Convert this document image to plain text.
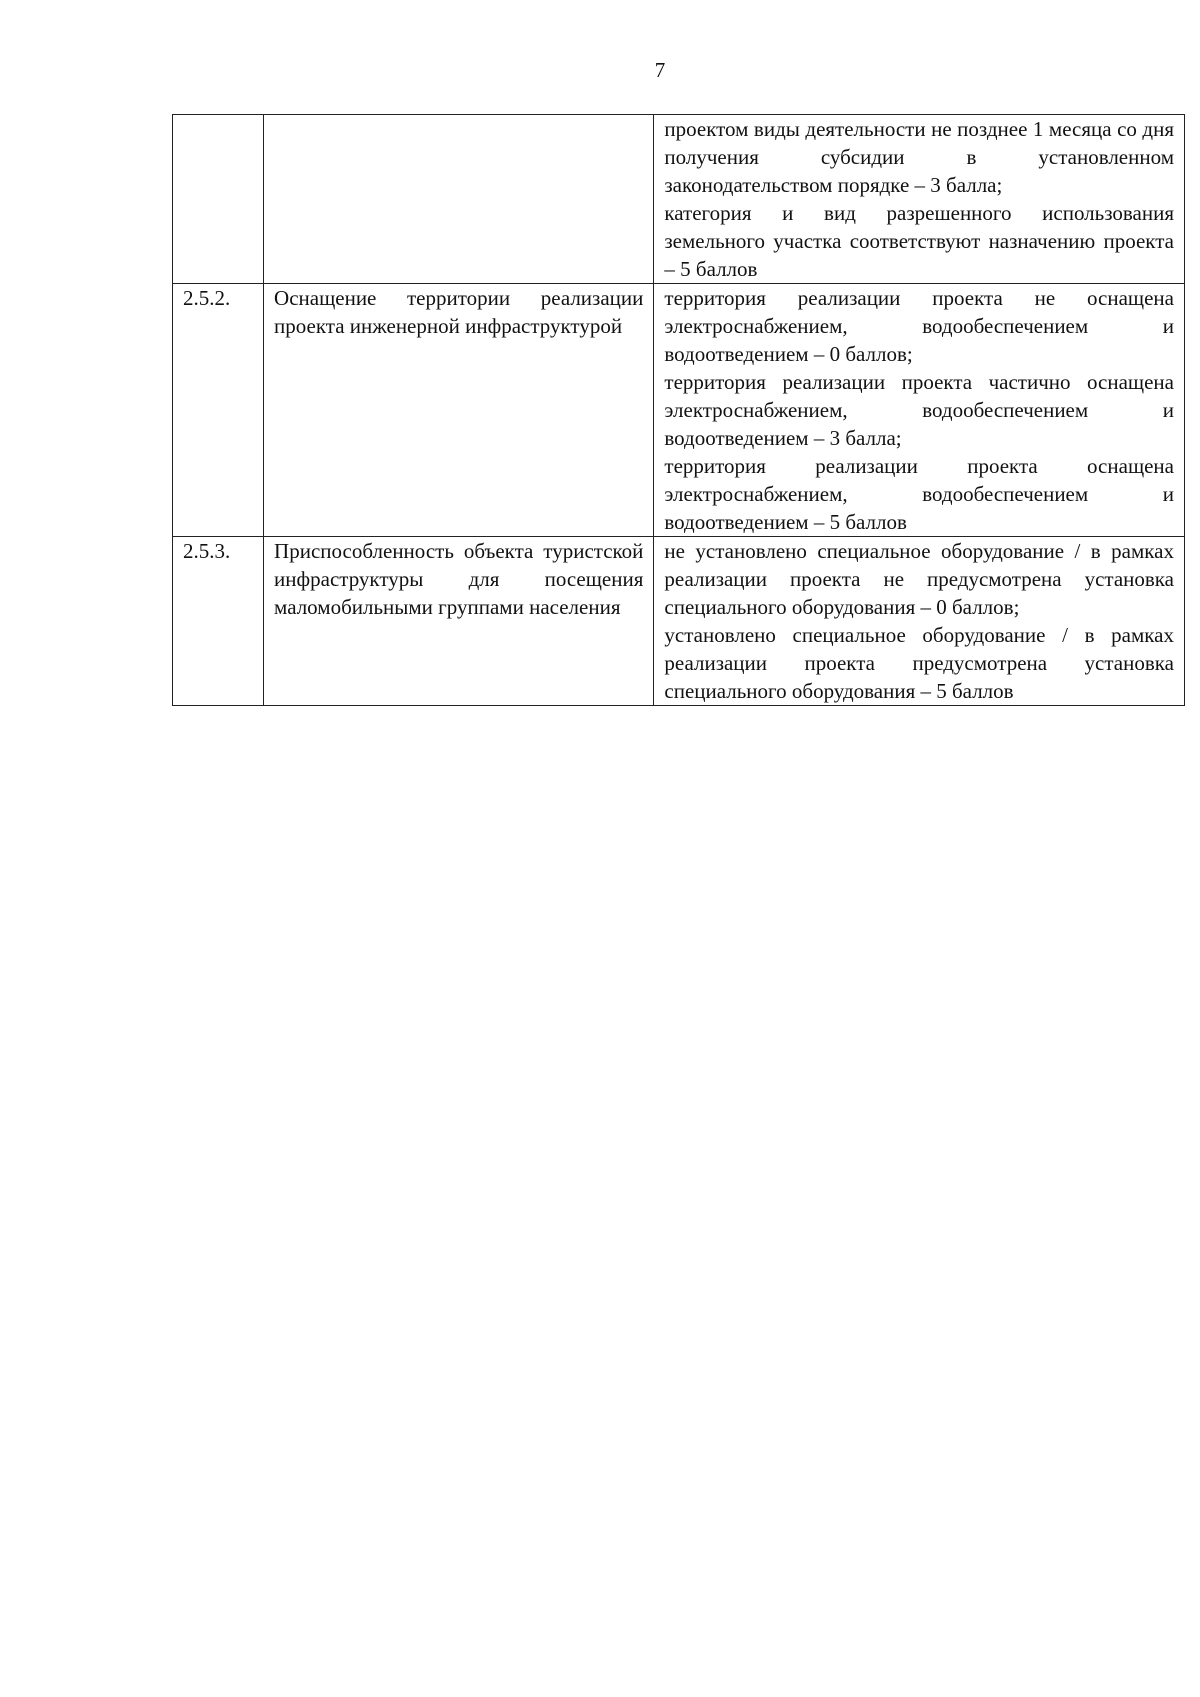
7

		проектом виды деятельности не позднее 1 месяца со дня получения субсидии в установленном законодательством порядке – 3 балла;
категория и вид разрешенного использования земельного участка соответствуют назначению проекта – 5 баллов

2.5.2.	Оснащение территории реализации проекта инженерной инфраструктурой	территория реализации проекта не оснащена электроснабжением, водообеспечением и водоотведением – 0 баллов;
территория реализации проекта частично оснащена электроснабжением, водообеспечением и водоотведением – 3 балла;
территория реализации проекта оснащена электроснабжением, водообеспечением и водоотведением – 5 баллов

2.5.3.	Приспособленность объекта туристской инфраструктуры для посещения маломобильными группами населения	не установлено специальное оборудование / в рамках реализации проекта не предусмотрена установка специального оборудования – 0 баллов;
установлено специальное оборудование / в рамках реализации проекта предусмотрена установка специального оборудования – 5 баллов
